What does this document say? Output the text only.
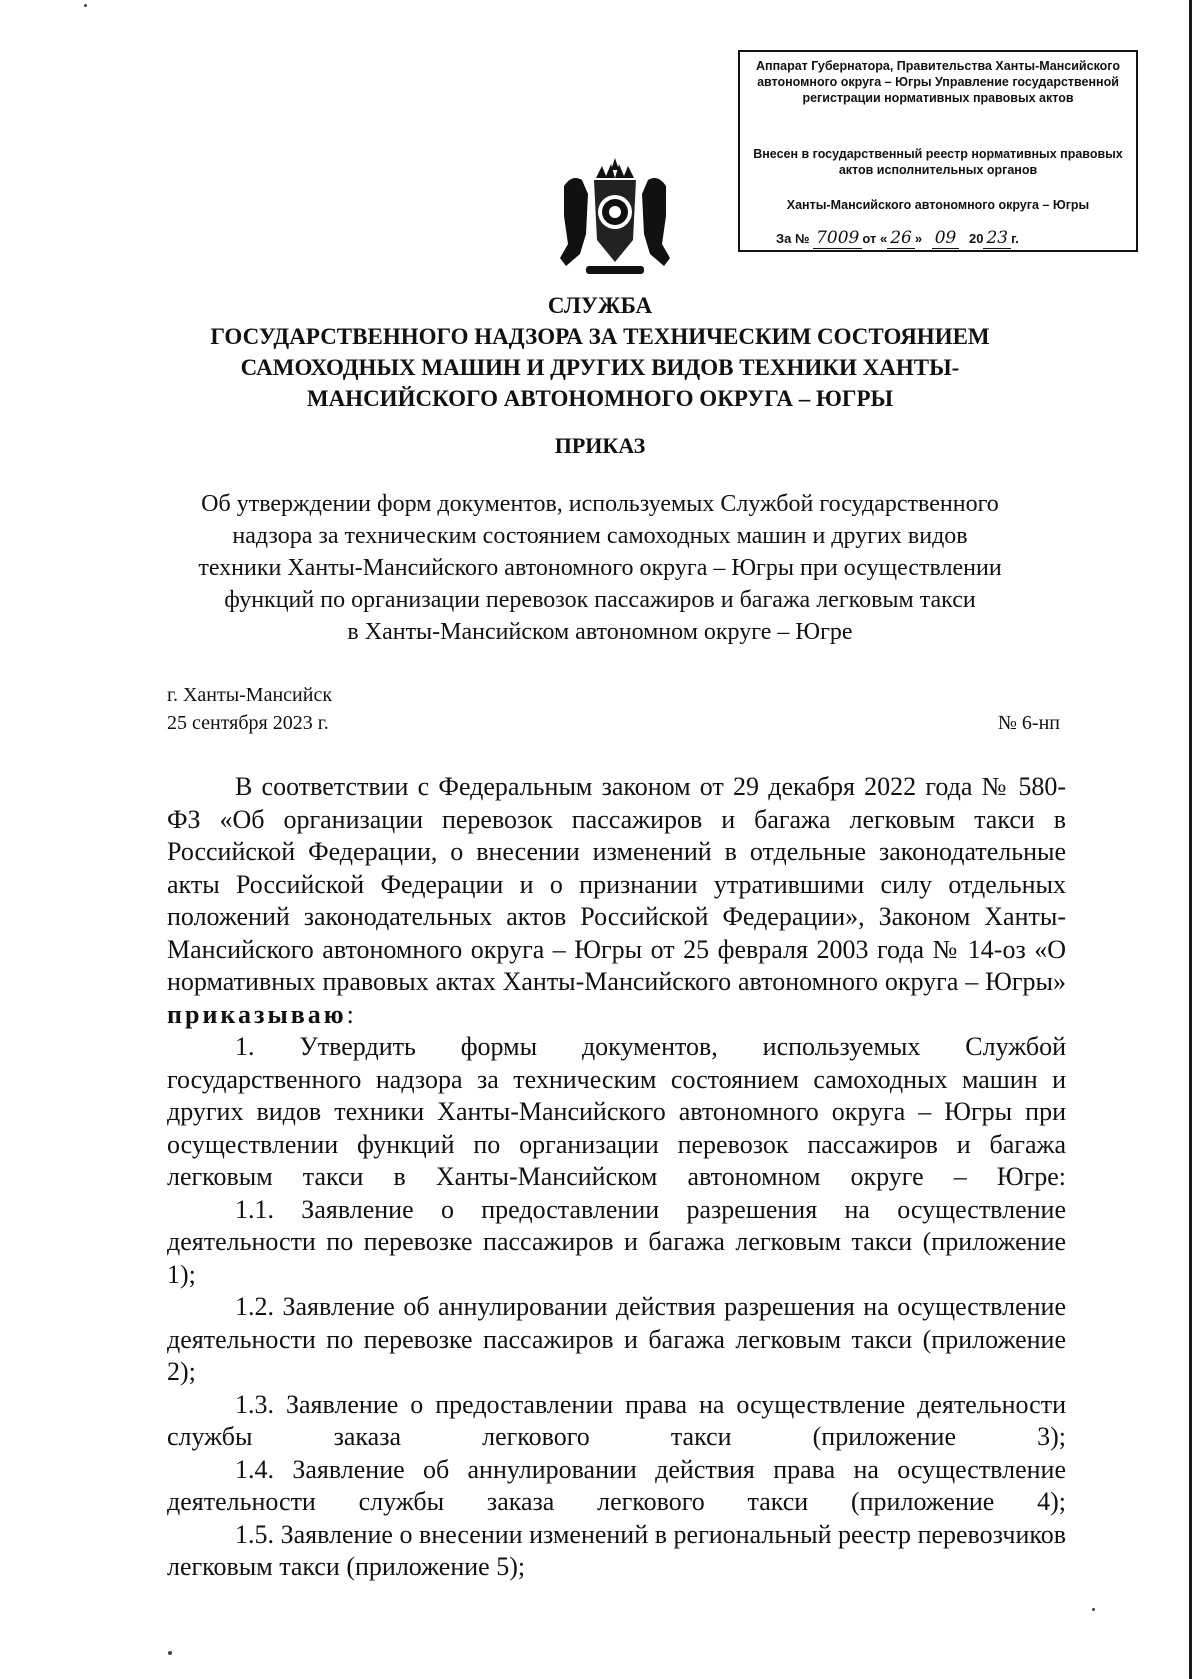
Аппарат Губернатора, Правительства Ханты-Мансийского автономного округа – Югры Управление государственной регистрации нормативных правовых актов
Внесен в государственный реестр нормативных правовых актов исполнительных органов
Ханты-Мансийского автономного округа – Югры
За № 7009 от « 26 » 09 20 23 г.
СЛУЖБА
ГОСУДАРСТВЕННОГО НАДЗОРА ЗА ТЕХНИЧЕСКИМ СОСТОЯНИЕМ
САМОХОДНЫХ МАШИН И ДРУГИХ ВИДОВ ТЕХНИКИ ХАНТЫ-
МАНСИЙСКОГО АВТОНОМНОГО ОКРУГА – ЮГРЫ
ПРИКАЗ
Об утверждении форм документов, используемых Службой государственного
надзора за техническим состоянием самоходных машин и других видов
техники Ханты-Мансийского автономного округа – Югры при осуществлении
функций по организации перевозок пассажиров и багажа легковым такси
в Ханты-Мансийском автономном округе – Югре
г. Ханты-Мансийск
25 сентября 2023 г.	№ 6-нп

В соответствии с Федеральным законом от 29 декабря 2022 года № 580-ФЗ «Об организации перевозок пассажиров и багажа легковым такси в Российской Федерации, о внесении изменений в отдельные законодательные акты Российской Федерации и о признании утратившими силу отдельных положений законодательных актов Российской Федерации», Законом Ханты-Мансийского автономного округа – Югры от 25 февраля 2003 года № 14-оз «О нормативных правовых актах Ханты-Мансийского автономного округа – Югры» приказываю:

1. Утвердить формы документов, используемых Службой государственного надзора за техническим состоянием самоходных машин и других видов техники Ханты-Мансийского автономного округа – Югры при осуществлении функций по организации перевозок пассажиров и багажа легковым такси в Ханты-Мансийском автономном округе – Югре:

1.1. Заявление о предоставлении разрешения на осуществление деятельности по перевозке пассажиров и багажа легковым такси (приложение 1);

1.2. Заявление об аннулировании действия разрешения на осуществление деятельности по перевозке пассажиров и багажа легковым такси (приложение 2);

1.3. Заявление о предоставлении права на осуществление деятельности службы заказа легкового такси (приложение 3);

1.4. Заявление об аннулировании действия права на осуществление деятельности службы заказа легкового такси (приложение 4);

1.5. Заявление о внесении изменений в региональный реестр перевозчиков легковым такси (приложение 5);
